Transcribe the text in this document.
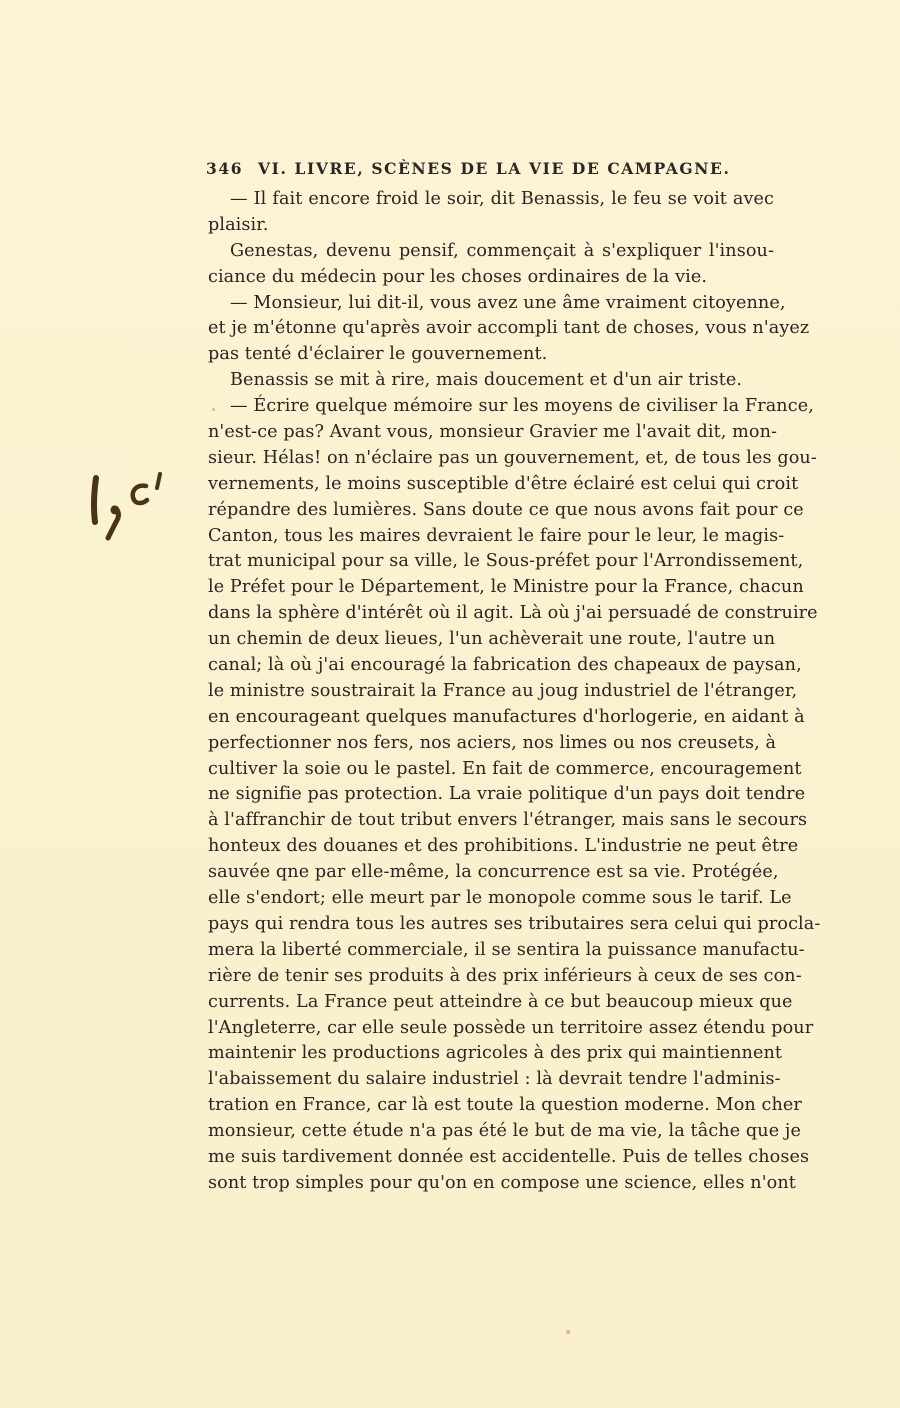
346 VI. LIVRE, SCÈNES DE LA VIE DE CAMPAGNE.
— Il fait encore froid le soir, dit Benassis, le feu se voit avec
plaisir.
Genestas, devenu pensif, commençait à s'expliquer l'insou-
ciance du médecin pour les choses ordinaires de la vie.
— Monsieur, lui dit-il, vous avez une âme vraiment citoyenne,
et je m'étonne qu'après avoir accompli tant de choses, vous n'ayez
pas tenté d'éclairer le gouvernement.
Benassis se mit à rire, mais doucement et d'un air triste.
— Écrire quelque mémoire sur les moyens de civiliser la France,
n'est-ce pas? Avant vous, monsieur Gravier me l'avait dit, mon-
sieur. Hélas! on n'éclaire pas un gouvernement, et, de tous les gou-
vernements, le moins susceptible d'être éclairé est celui qui croit
répandre des lumières. Sans doute ce que nous avons fait pour ce
Canton, tous les maires devraient le faire pour le leur, le magis-
trat municipal pour sa ville, le Sous-préfet pour l'Arrondissement,
le Préfet pour le Département, le Ministre pour la France, chacun
dans la sphère d'intérêt où il agit. Là où j'ai persuadé de construire
un chemin de deux lieues, l'un achèverait une route, l'autre un
canal; là où j'ai encouragé la fabrication des chapeaux de paysan,
le ministre soustrairait la France au joug industriel de l'étranger,
en encourageant quelques manufactures d'horlogerie, en aidant à
perfectionner nos fers, nos aciers, nos limes ou nos creusets, à
cultiver la soie ou le pastel. En fait de commerce, encouragement
ne signifie pas protection. La vraie politique d'un pays doit tendre
à l'affranchir de tout tribut envers l'étranger, mais sans le secours
honteux des douanes et des prohibitions. L'industrie ne peut être
sauvée qne par elle-même, la concurrence est sa vie. Protégée,
elle s'endort; elle meurt par le monopole comme sous le tarif. Le
pays qui rendra tous les autres ses tributaires sera celui qui procla-
mera la liberté commerciale, il se sentira la puissance manufactu-
rière de tenir ses produits à des prix inférieurs à ceux de ses con-
currents. La France peut atteindre à ce but beaucoup mieux que
l'Angleterre, car elle seule possède un territoire assez étendu pour
maintenir les productions agricoles à des prix qui maintiennent
l'abaissement du salaire industriel : là devrait tendre l'adminis-
tration en France, car là est toute la question moderne. Mon cher
monsieur, cette étude n'a pas été le but de ma vie, la tâche que je
me suis tardivement donnée est accidentelle. Puis de telles choses
sont trop simples pour qu'on en compose une science, elles n'ont
